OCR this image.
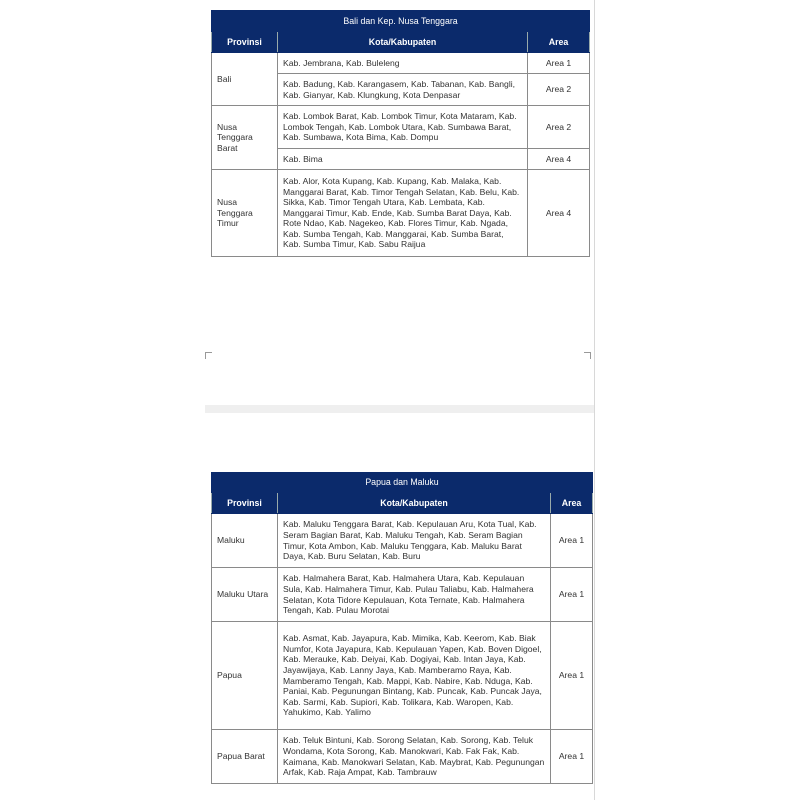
Bali dan Kep. Nusa Tenggara		
Provinsi	Kota/Kabupaten	Area
Bali	Kab. Jembrana, Kab. Buleleng	Area 1
	Kab. Badung, Kab. Karangasem, Kab. Tabanan, Kab. Bangli, Kab. Gianyar, Kab. Klungkung, Kota Denpasar	Area 2
Nusa Tenggara Barat	Kab. Lombok Barat, Kab. Lombok Timur, Kota Mataram, Kab. Lombok Tengah, Kab. Lombok Utara, Kab. Sumbawa Barat, Kab. Sumbawa, Kota Bima, Kab. Dompu	Area 2
	Kab. Bima	Area 4
Nusa Tenggara Timur	Kab. Alor, Kota Kupang, Kab. Kupang, Kab. Malaka, Kab. Manggarai Barat, Kab. Timor Tengah Selatan, Kab. Belu, Kab. Sikka, Kab. Timor Tengah Utara, Kab. Lembata, Kab. Manggarai Timur, Kab. Ende, Kab. Sumba Barat Daya, Kab. Rote Ndao, Kab. Nagekeo, Kab. Flores Timur, Kab. Ngada, Kab. Sumba Tengah, Kab. Manggarai, Kab. Sumba Barat, Kab. Sumba Timur, Kab. Sabu Raijua	Area 4
Papua dan Maluku		
Provinsi	Kota/Kabupaten	Area
Maluku	Kab. Maluku Tenggara Barat, Kab. Kepulauan Aru, Kota Tual, Kab. Seram Bagian Barat, Kab. Maluku Tengah, Kab. Seram Bagian Timur, Kota Ambon, Kab. Maluku Tenggara, Kab. Maluku Barat Daya, Kab. Buru Selatan, Kab. Buru	Area 1
Maluku Utara	Kab. Halmahera Barat, Kab. Halmahera Utara, Kab. Kepulauan Sula, Kab. Halmahera Timur, Kab. Pulau Taliabu, Kab. Halmahera Selatan, Kota Tidore Kepulauan, Kota Ternate, Kab. Halmahera Tengah, Kab. Pulau Morotai	Area 1
Papua	Kab. Asmat, Kab. Jayapura, Kab. Mimika, Kab. Keerom, Kab. Biak Numfor, Kota Jayapura, Kab. Kepulauan Yapen, Kab. Boven Digoel, Kab. Merauke, Kab. Deiyai, Kab. Dogiyai, Kab. Intan Jaya, Kab. Jayawijaya, Kab. Lanny Jaya, Kab. Mamberamo Raya, Kab. Mamberamo Tengah, Kab. Mappi, Kab. Nabire, Kab. Nduga, Kab. Paniai, Kab. Pegunungan Bintang, Kab. Puncak, Kab. Puncak Jaya, Kab. Sarmi, Kab. Supiori, Kab. Tolikara, Kab. Waropen, Kab. Yahukimo, Kab. Yalimo	Area 1
Papua Barat	Kab. Teluk Bintuni, Kab. Sorong Selatan, Kab. Sorong, Kab. Teluk Wondama, Kota Sorong, Kab. Manokwari, Kab. Fak Fak, Kab. Kaimana, Kab. Manokwari Selatan, Kab. Maybrat, Kab. Pegunungan Arfak, Kab. Raja Ampat, Kab. Tambrauw	Area 1
